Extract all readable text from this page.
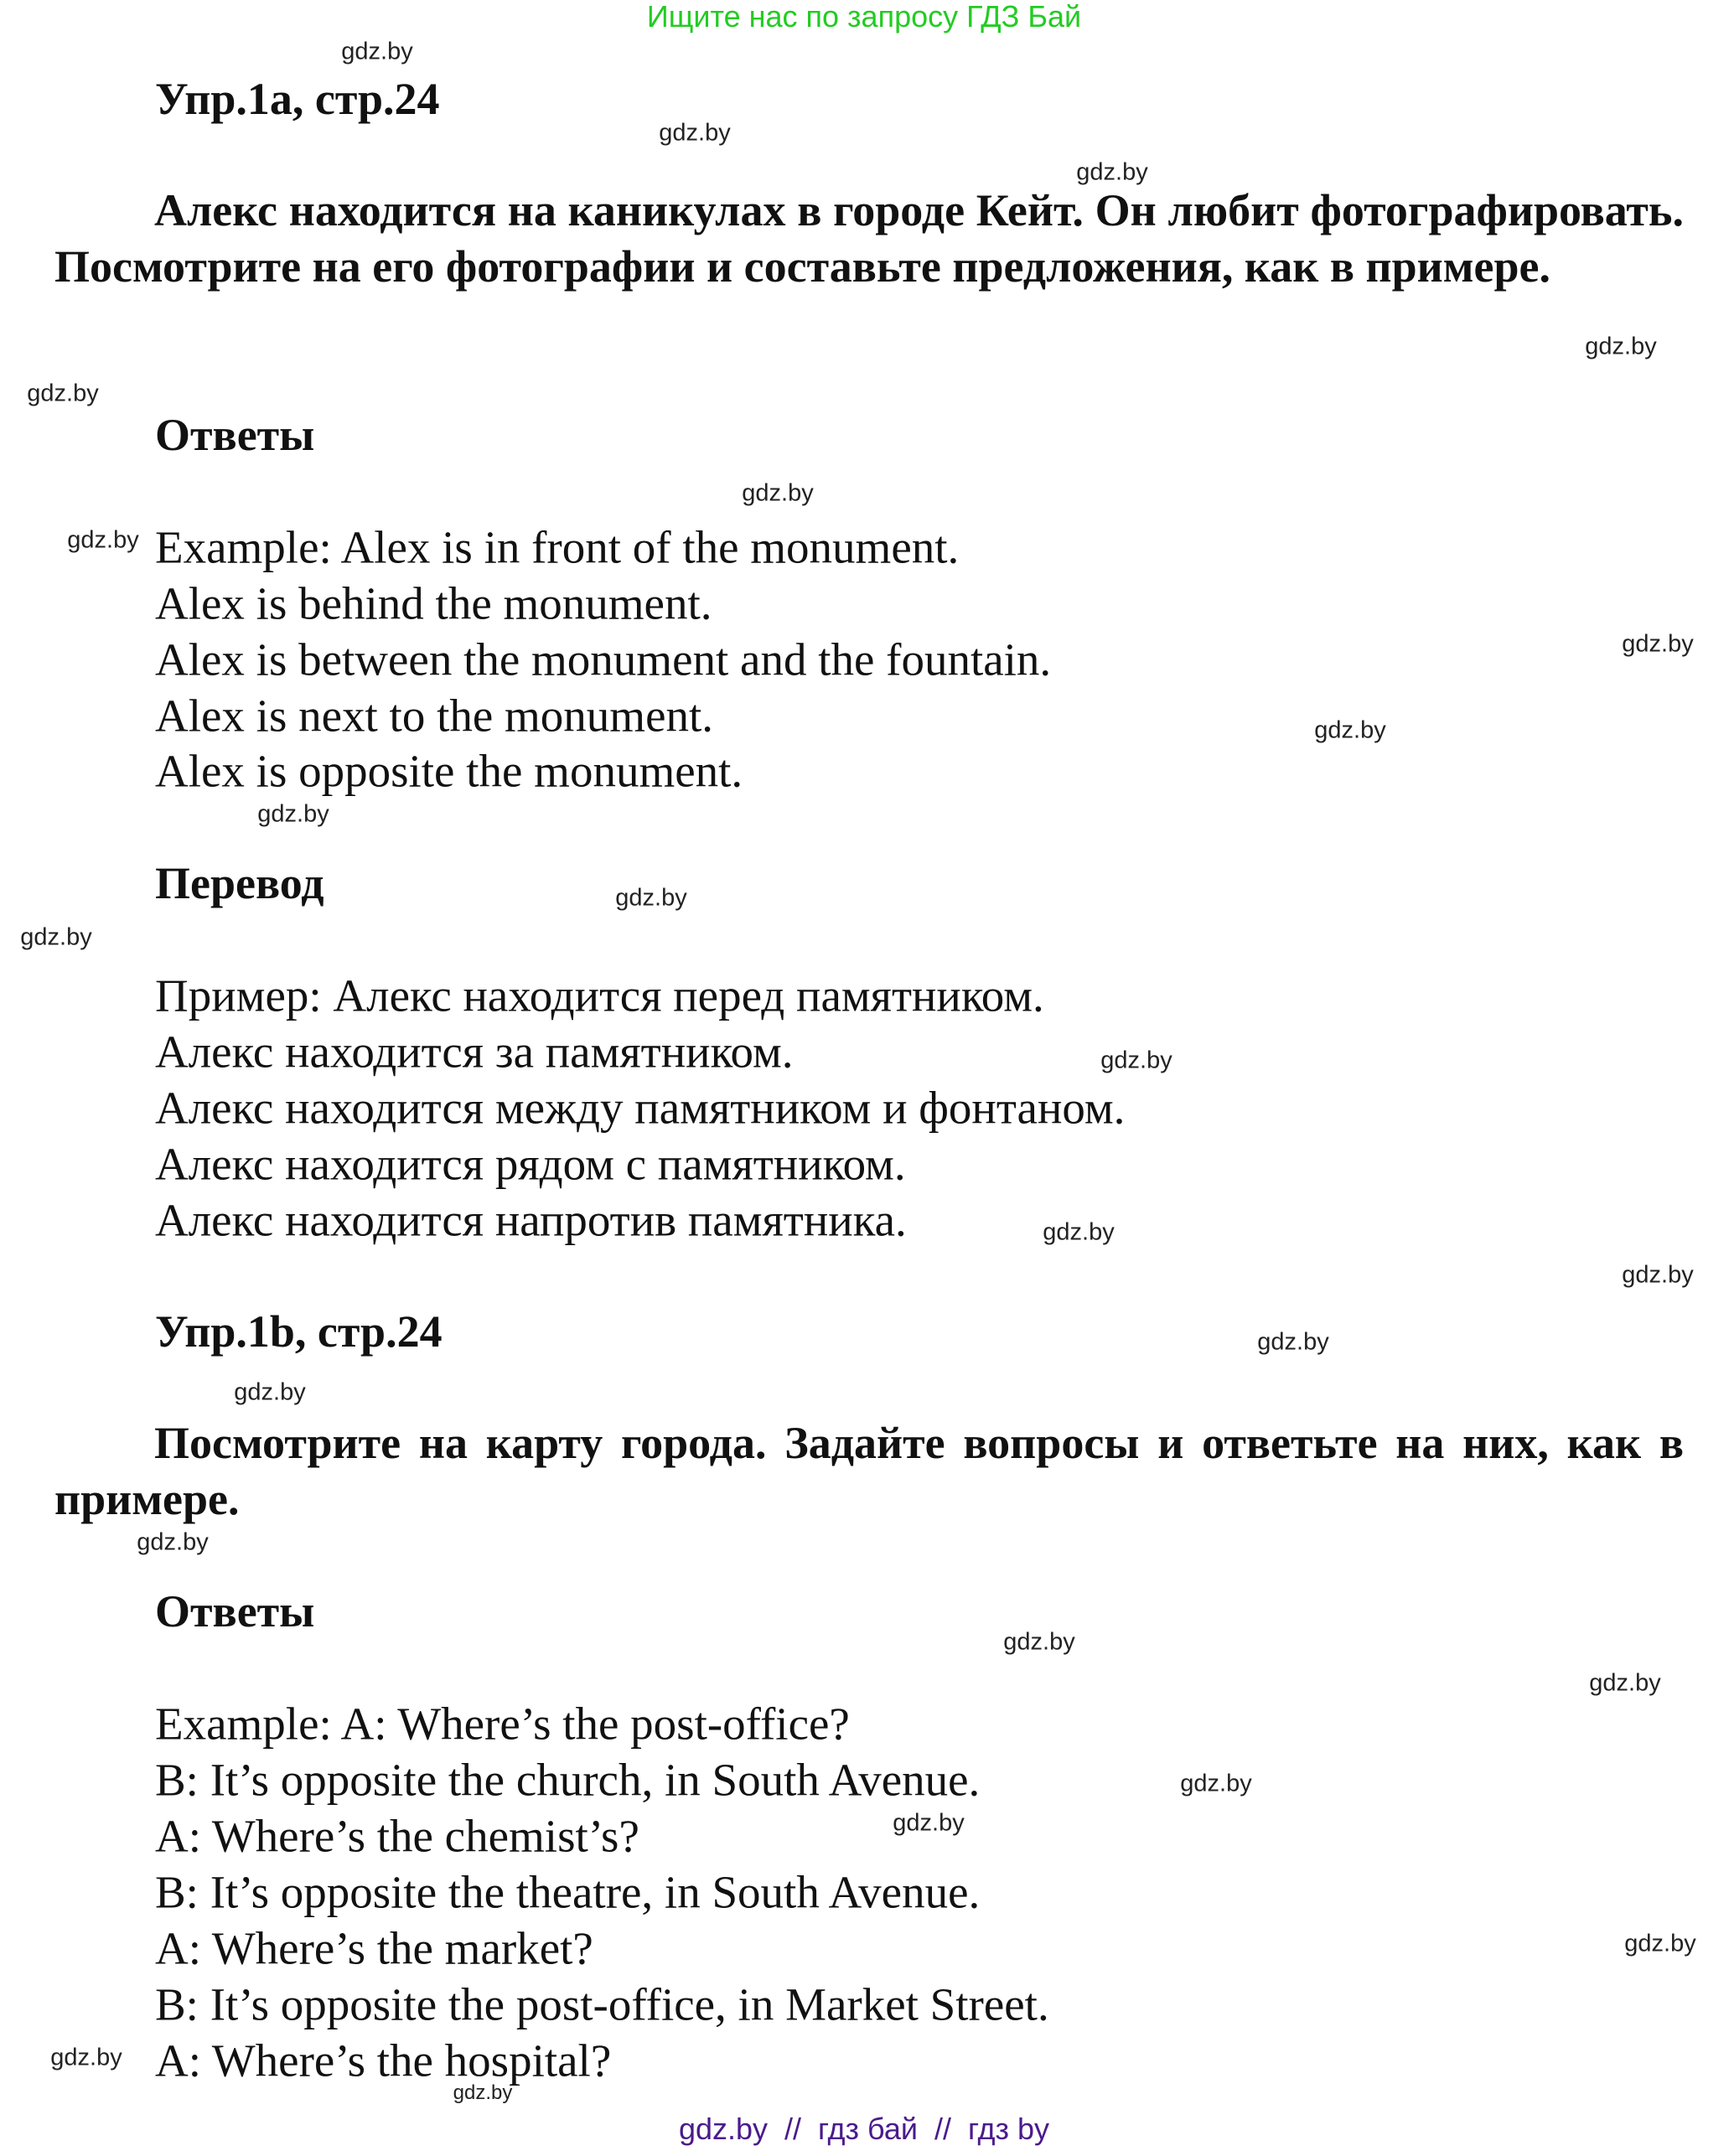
Ищите нас по запросу ГДЗ Бай
Упр.1a, стр.24
Алекс находится на каникулах в городе Кейт. Он любит фотографировать. Посмотрите на его фотографии и составьте предложения, как в примере.
Ответы
Example: Alex is in front of the monument.
Alex is behind the monument.
Alex is between the monument and the fountain.
Alex is next to the monument.
Alex is opposite the monument.
Перевод
Пример: Алекс находится перед памятником.
Алекс находится за памятником.
Алекс находится между памятником и фонтаном.
Алекс находится рядом с памятником.
Алекс находится напротив памятника.
Упр.1b, стр.24
Посмотрите на карту города. Задайте вопросы и ответьте на них, как в примере.
Ответы
Example: A: Where’s the post-office?
B: It’s opposite the church, in South Avenue.
A: Where’s the chemist’s?
B: It’s opposite the theatre, in South Avenue.
A: Where’s the market?
B: It’s opposite the post-office, in Market Street.
A: Where’s the hospital?
gdz.by
gdz.by
gdz.by
gdz.by
gdz.by
gdz.by
gdz.by
gdz.by
gdz.by
gdz.by
gdz.by
gdz.by
gdz.by
gdz.by
gdz.by
gdz.by
gdz.by
gdz.by
gdz.by
gdz.by
gdz.by
gdz.by
gdz.by
gdz.by
gdz.by
gdz.by  //  гдз бай  //  гдз by
